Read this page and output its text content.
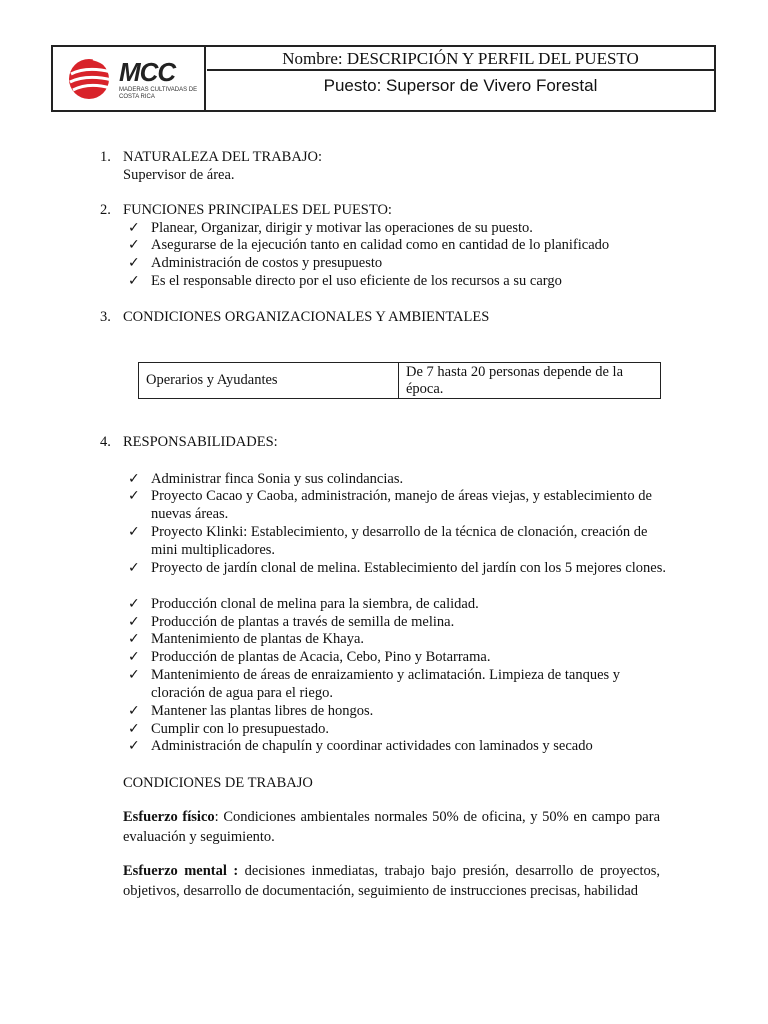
MCC
MADERAS CULTIVADAS DE COSTA RICA
Nombre: DESCRIPCIÓN Y PERFIL DEL PUESTO
Puesto: Supersor de Vivero Forestal
1. NATURALEZA DEL TRABAJO:
Supervisor de área.
2. FUNCIONES PRINCIPALES DEL PUESTO:
✓ Planear, Organizar, dirigir y motivar las operaciones de su puesto.
✓ Asegurarse de la ejecución tanto en calidad como en cantidad de lo planificado
✓ Administración de costos y presupuesto
✓ Es el responsable directo por el uso eficiente de los recursos a su cargo
3. CONDICIONES ORGANIZACIONALES Y AMBIENTALES
Operarios y Ayudantes	De 7 hasta 20 personas depende de la época.
4. RESPONSABILIDADES:
✓ Administrar finca Sonia y sus colindancias.
✓ Proyecto Cacao y Caoba, administración, manejo de áreas viejas, y establecimiento de nuevas áreas.
✓ Proyecto Klinki: Establecimiento, y desarrollo de la técnica de clonación, creación de mini multiplicadores.
✓ Proyecto de jardín clonal de melina. Establecimiento del jardín con los 5 mejores clones.
✓ Producción clonal de melina para la siembra, de calidad.
✓ Producción de plantas a través de semilla de melina.
✓ Mantenimiento de plantas de Khaya.
✓ Producción de plantas de Acacia, Cebo, Pino y Botarrama.
✓ Mantenimiento de áreas de enraizamiento y aclimatación. Limpieza de tanques y cloración de agua para el riego.
✓ Mantener las plantas libres de hongos.
✓ Cumplir con lo presupuestado.
✓ Administración de chapulín y coordinar actividades con laminados y secado
CONDICIONES DE TRABAJO
Esfuerzo físico: Condiciones ambientales normales 50% de oficina, y 50% en campo para evaluación y seguimiento.
Esfuerzo mental : decisiones inmediatas, trabajo bajo presión, desarrollo de proyectos, objetivos, desarrollo de documentación, seguimiento de instrucciones precisas, habilidad
